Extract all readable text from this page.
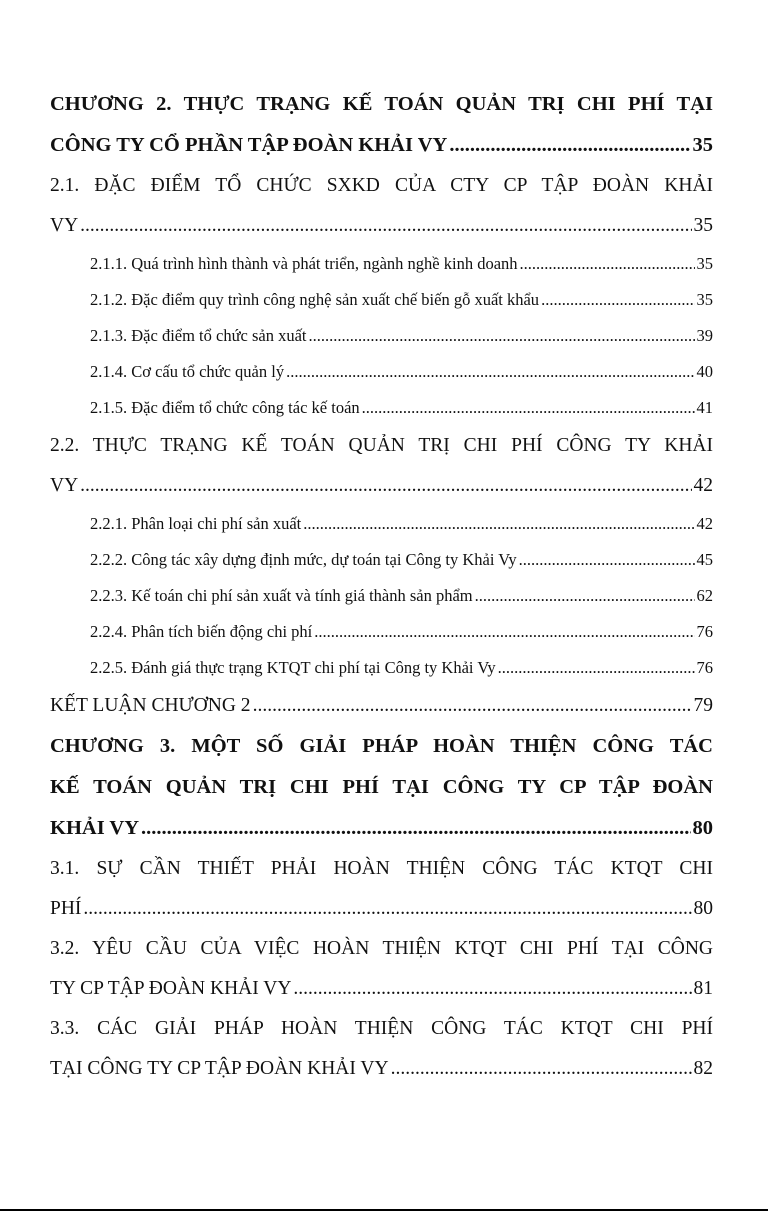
CHƯƠNG 2. THỰC TRẠNG KẾ TOÁN QUẢN TRỊ CHI PHÍ TẠI
CÔNG TY CỔ PHẦN TẬP ĐOÀN KHẢI VY .....	35
2.1. ĐẶC ĐIỂM TỔ CHỨC SXKD CỦA CTY CP TẬP ĐOÀN KHẢI
VY .....	35
2.1.1. Quá trình hình thành và phát triển, ngành nghề kinh doanh .....	35
2.1.2. Đặc điểm quy trình công nghệ sản xuất chế biến gỗ xuất khẩu .....	35
2.1.3. Đặc điểm tổ chức sản xuất .....	39
2.1.4. Cơ cấu tổ chức quản lý .....	40
2.1.5. Đặc điểm tổ chức công tác kế toán .....	41
2.2. THỰC TRẠNG KẾ TOÁN QUẢN TRỊ CHI PHÍ CÔNG TY KHẢI
VY .....	42
2.2.1. Phân loại chi phí sản xuất .....	42
2.2.2. Công tác xây dựng định mức, dự toán tại Công ty Khải Vy .....	45
2.2.3. Kế toán chi phí sản xuất và tính giá thành sản phẩm .....	62
2.2.4. Phân tích biến động chi phí .....	76
2.2.5. Đánh giá thực trạng KTQT chi phí tại Công ty Khải Vy .....	76
KẾT LUẬN CHƯƠNG 2 .....	79
CHƯƠNG 3. MỘT SỐ GIẢI PHÁP HOÀN THIỆN CÔNG TÁC
KẾ TOÁN QUẢN TRỊ CHI PHÍ TẠI CÔNG TY CP TẬP ĐOÀN
KHẢI VY .....	80
3.1. SỰ CẦN THIẾT PHẢI HOÀN THIỆN CÔNG TÁC KTQT CHI
PHÍ .....	80
3.2. YÊU CẦU CỦA VIỆC HOÀN THIỆN KTQT CHI PHÍ TẠI CÔNG
TY CP TẬP ĐOÀN KHẢI VY .....	81
3.3. CÁC GIẢI PHÁP HOÀN THIỆN CÔNG TÁC KTQT CHI PHÍ
TẠI CÔNG TY CP TẬP ĐOÀN KHẢI VY .....	82
